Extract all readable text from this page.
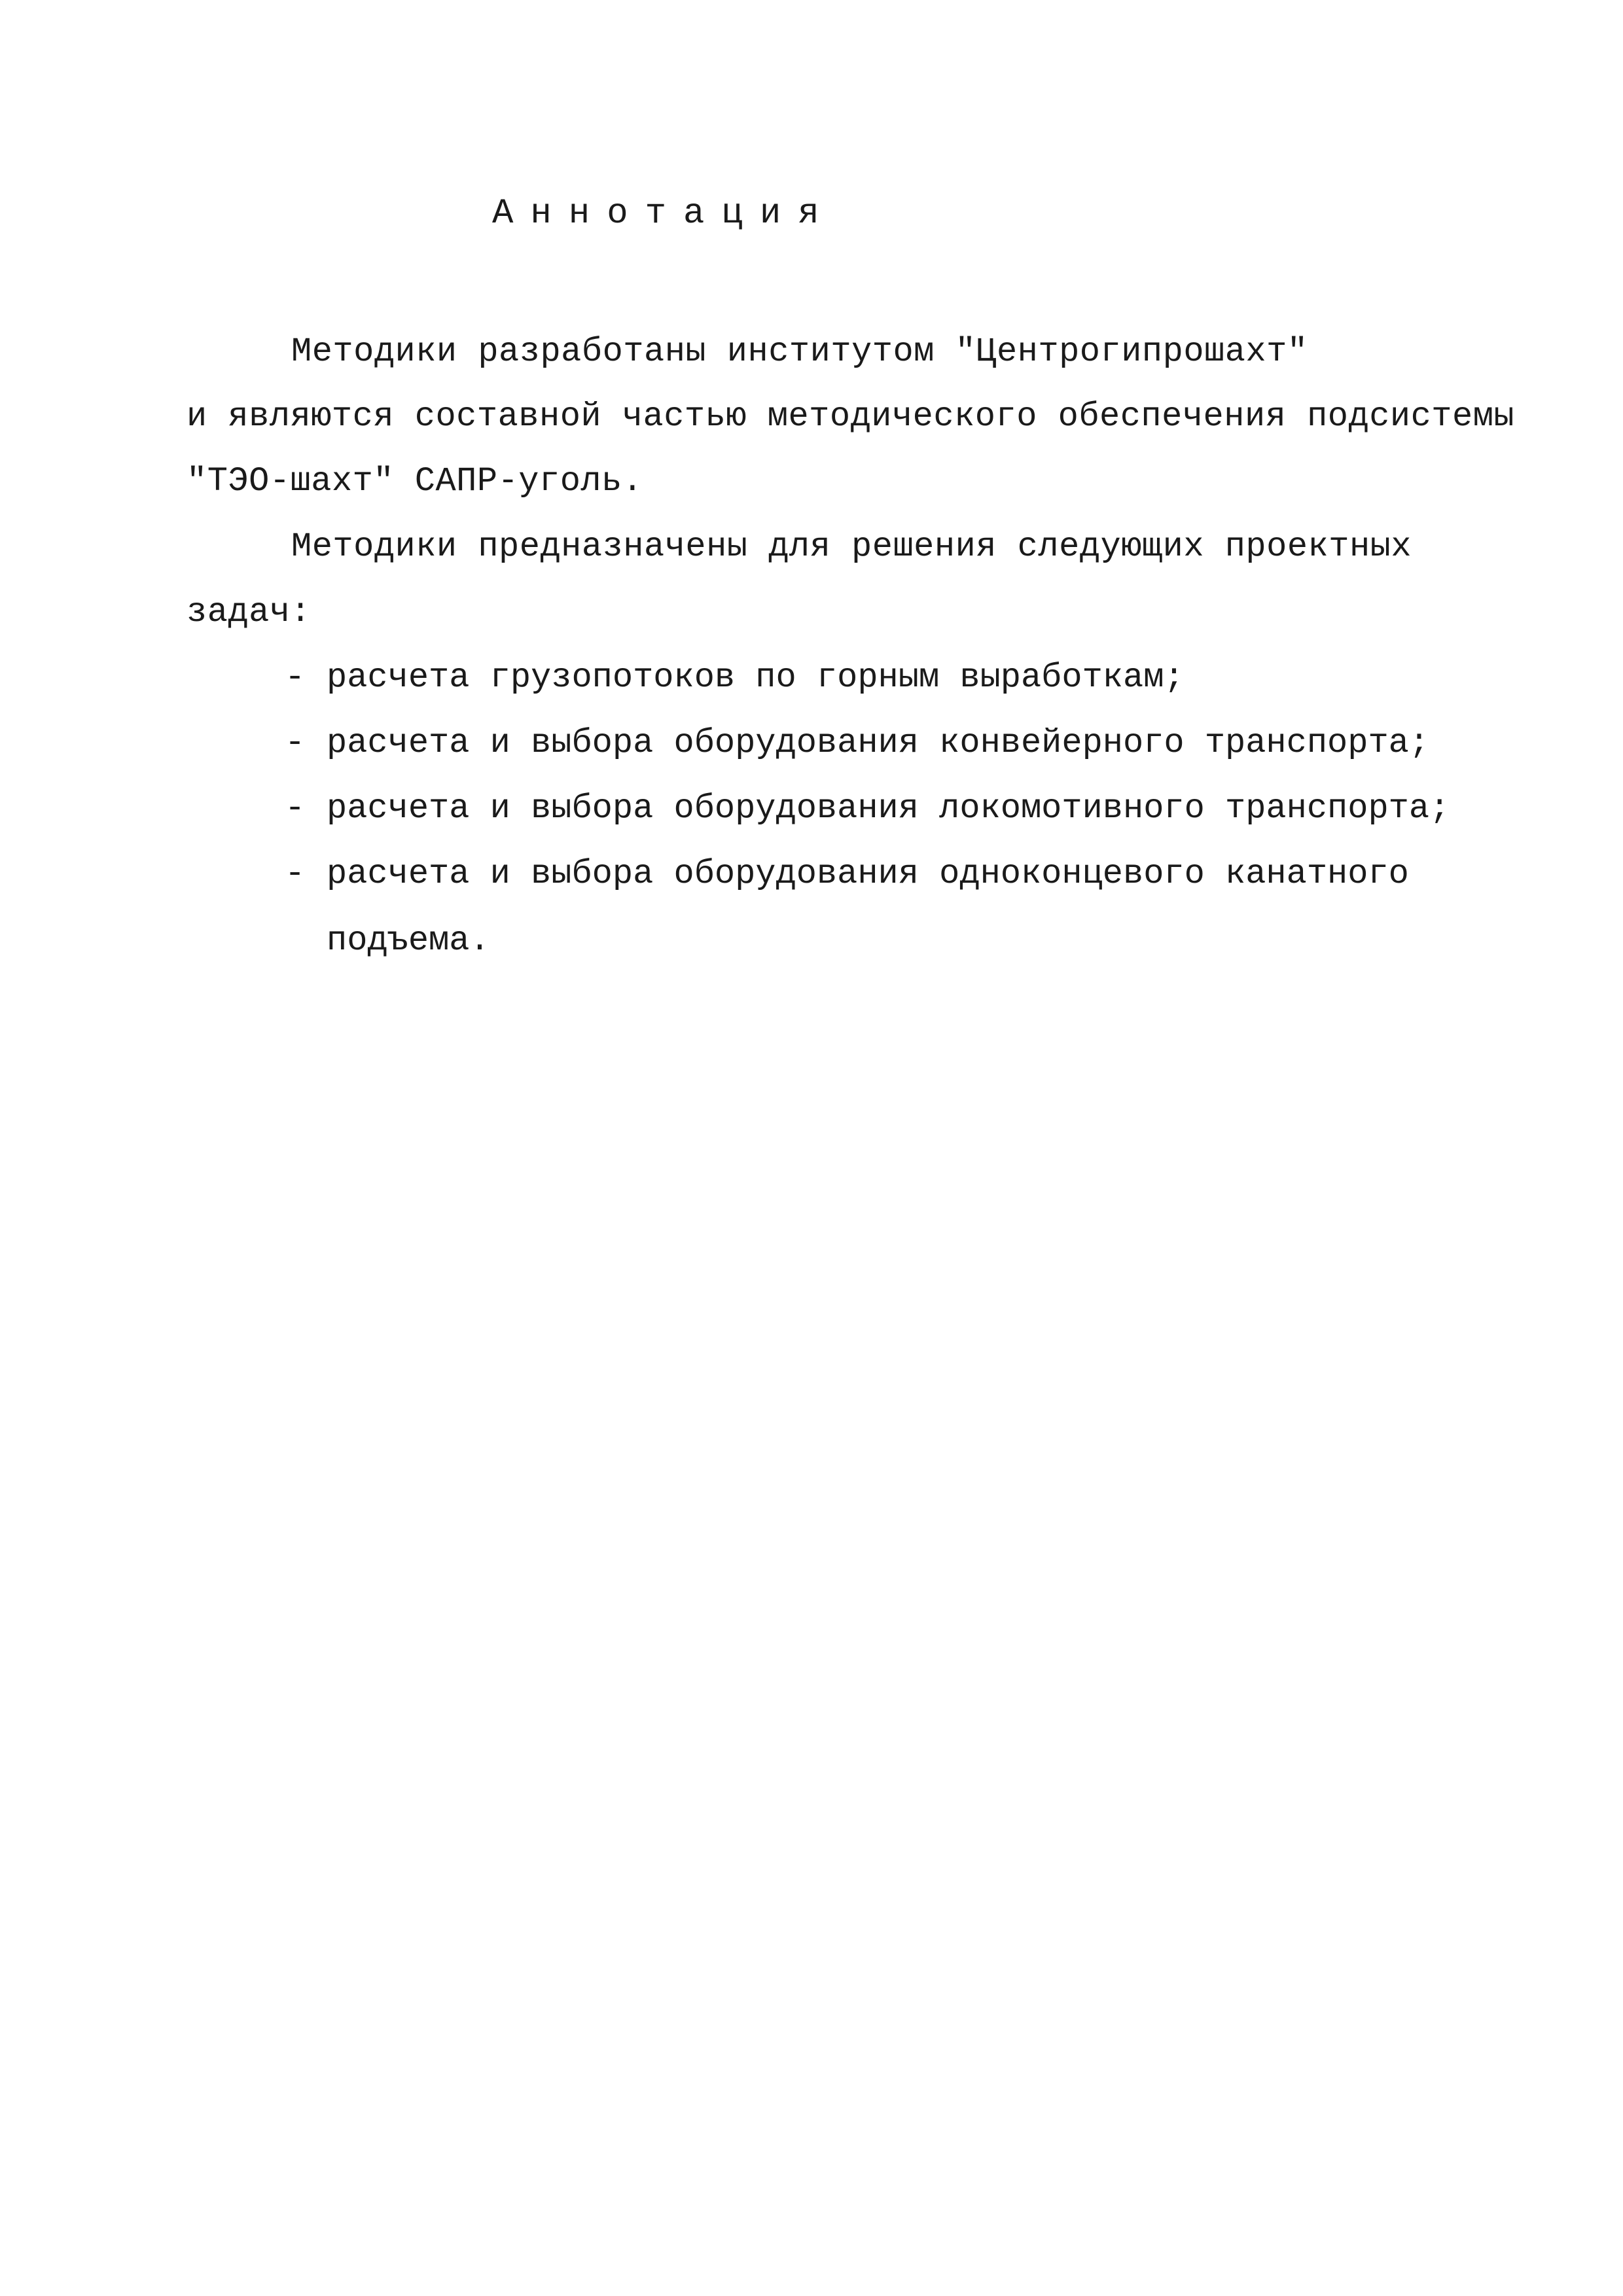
Аннотация
Методики разработаны институтом "Центрогипрошахт"
и являются составной частью методического обеспечения подсистемы
"ТЭО-шахт" САПР-уголь.
Методики предназначены для решения следующих проектных
задач:
- расчета грузопотоков по горным выработкам;
- расчета и выбора оборудования конвейерного транспорта;
- расчета и выбора оборудования локомотивного транспорта;
- расчета и выбора оборудования одноконцевого канатного
подъема.
